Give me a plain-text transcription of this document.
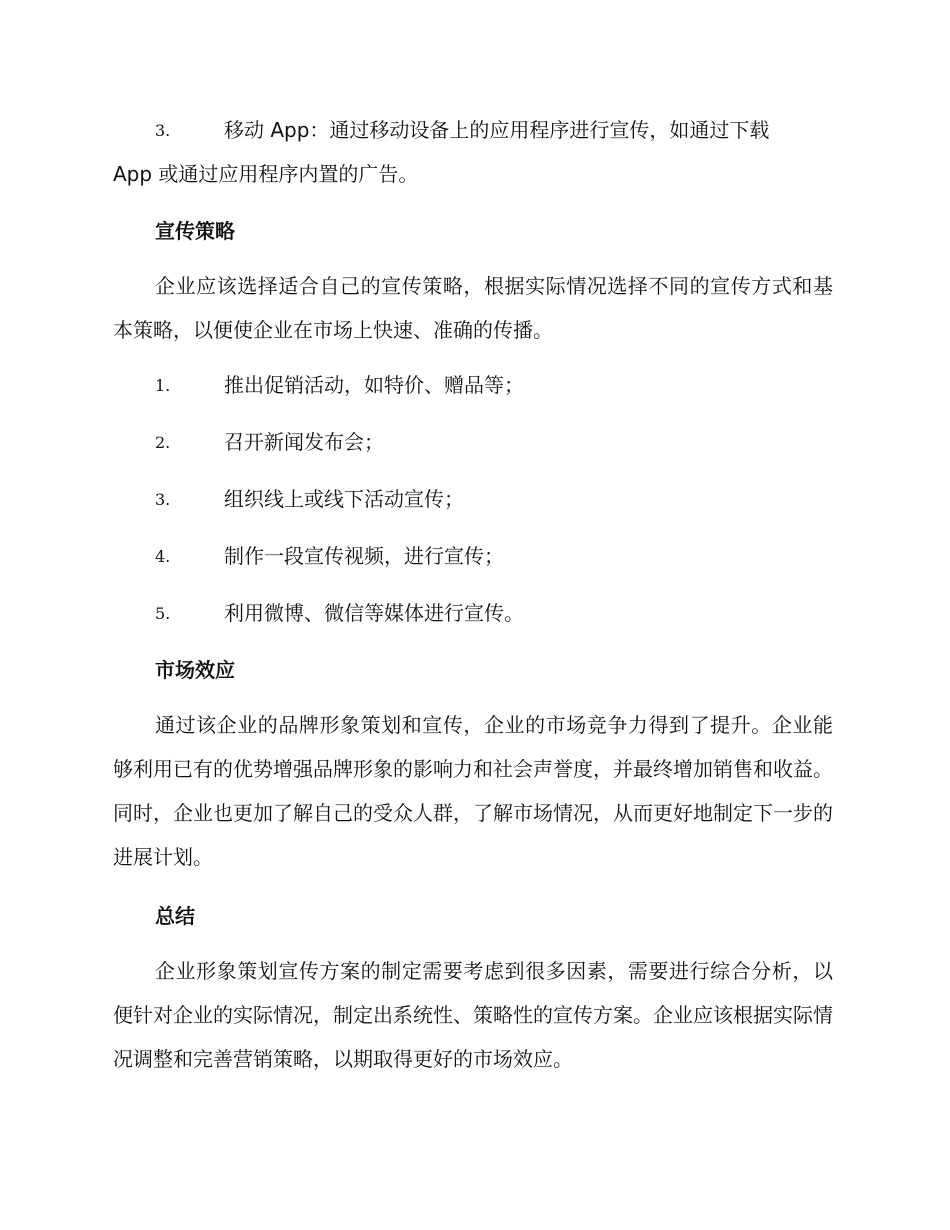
3.	移动 App：通过移动设备上的应用程序进行宣传，如通过下载
App 或通过应用程序内置的广告。
宣传策略
企业应该选择适合自己的宣传策略，根据实际情况选择不同的宣传方式和基本策略，以便使企业在市场上快速、准确的传播。
1.	推出促销活动，如特价、赠品等；
2.	召开新闻发布会；
3.	组织线上或线下活动宣传；
4.	制作一段宣传视频，进行宣传；
5.	利用微博、微信等媒体进行宣传。
市场效应
通过该企业的品牌形象策划和宣传，企业的市场竞争力得到了提升。企业能够利用已有的优势增强品牌形象的影响力和社会声誉度，并最终增加销售和收益。同时，企业也更加了解自己的受众人群，了解市场情况，从而更好地制定下一步的进展计划。
总结
企业形象策划宣传方案的制定需要考虑到很多因素，需要进行综合分析，以便针对企业的实际情况，制定出系统性、策略性的宣传方案。企业应该根据实际情况调整和完善营销策略，以期取得更好的市场效应。
